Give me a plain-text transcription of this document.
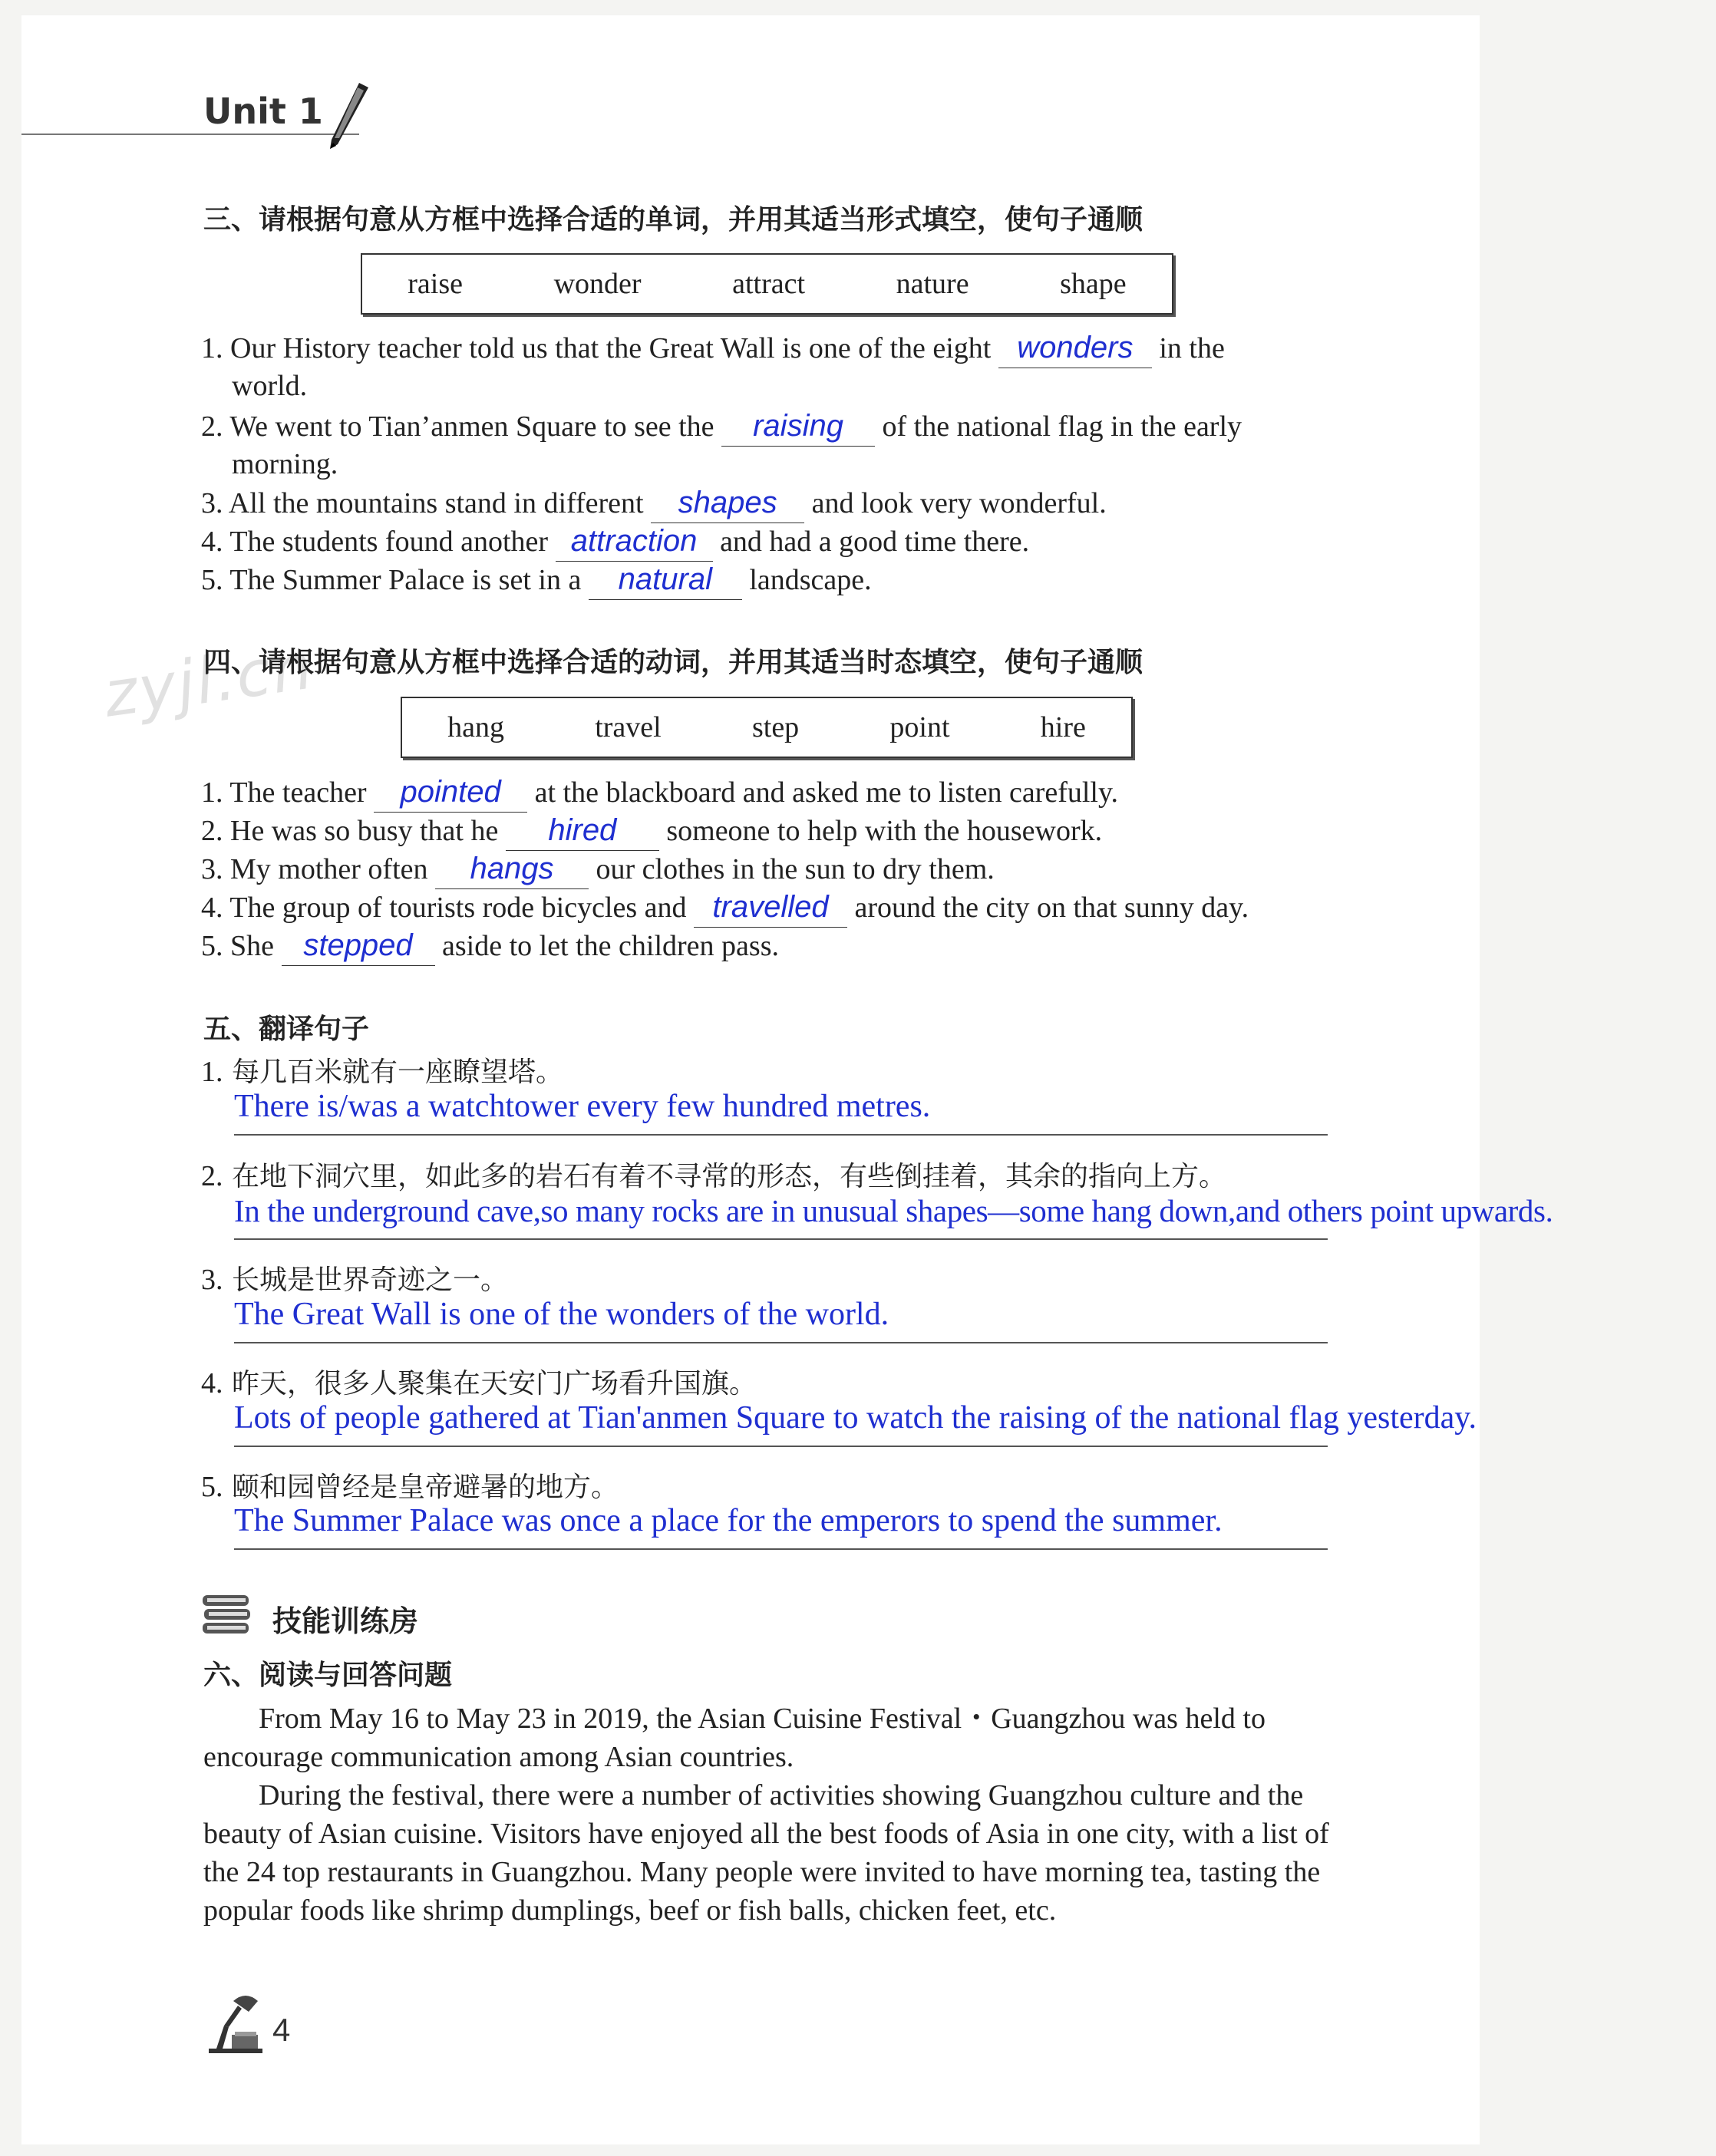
Unit 1
zyjl.cn
三、请根据句意从方框中选择合适的单词，并用其适当形式填空，使句子通顺
raise	wonder	attract	nature	shape
1. Our History teacher told us that the Great Wall is one of the eight wonders in the
world.
2. We went to Tian’anmen Square to see the raising of the national flag in the early
morning.
3. All the mountains stand in different shapes and look very wonderful.
4. The students found another attraction and had a good time there.
5. The Summer Palace is set in a natural landscape.
四、请根据句意从方框中选择合适的动词，并用其适当时态填空，使句子通顺
hang	travel	step	point	hire
1. The teacher pointed at the blackboard and asked me to listen carefully.
2. He was so busy that he hired someone to help with the housework.
3. My mother often hangs our clothes in the sun to dry them.
4. The group of tourists rode bicycles and travelled around the city on that sunny day.
5. She stepped aside to let the children pass.
五、翻译句子
1. 每几百米就有一座瞭望塔。
There is/was a watchtower every few hundred metres.
2. 在地下洞穴里，如此多的岩石有着不寻常的形态，有些倒挂着，其余的指向上方。
In the underground cave,so many rocks are in unusual shapes—some hang down,and others point upwards.
3. 长城是世界奇迹之一。
The Great Wall is one of the wonders of the world.
4. 昨天，很多人聚集在天安门广场看升国旗。
Lots of people gathered at Tian'anmen Square to watch the raising of the national flag yesterday.
5. 颐和园曾经是皇帝避暑的地方。
The Summer Palace was once a place for the emperors to spend the summer.
技能训练房
六、阅读与回答问题
From May 16 to May 23 in 2019, the Asian Cuisine Festival・Guangzhou was held to encourage communication among Asian countries.
During the festival, there were a number of activities showing Guangzhou culture and the beauty of Asian cuisine. Visitors have enjoyed all the best foods of Asia in one city, with a list of the 24 top restaurants in Guangzhou. Many people were invited to have morning tea, tasting the popular foods like shrimp dumplings, beef or fish balls, chicken feet, etc.
4
